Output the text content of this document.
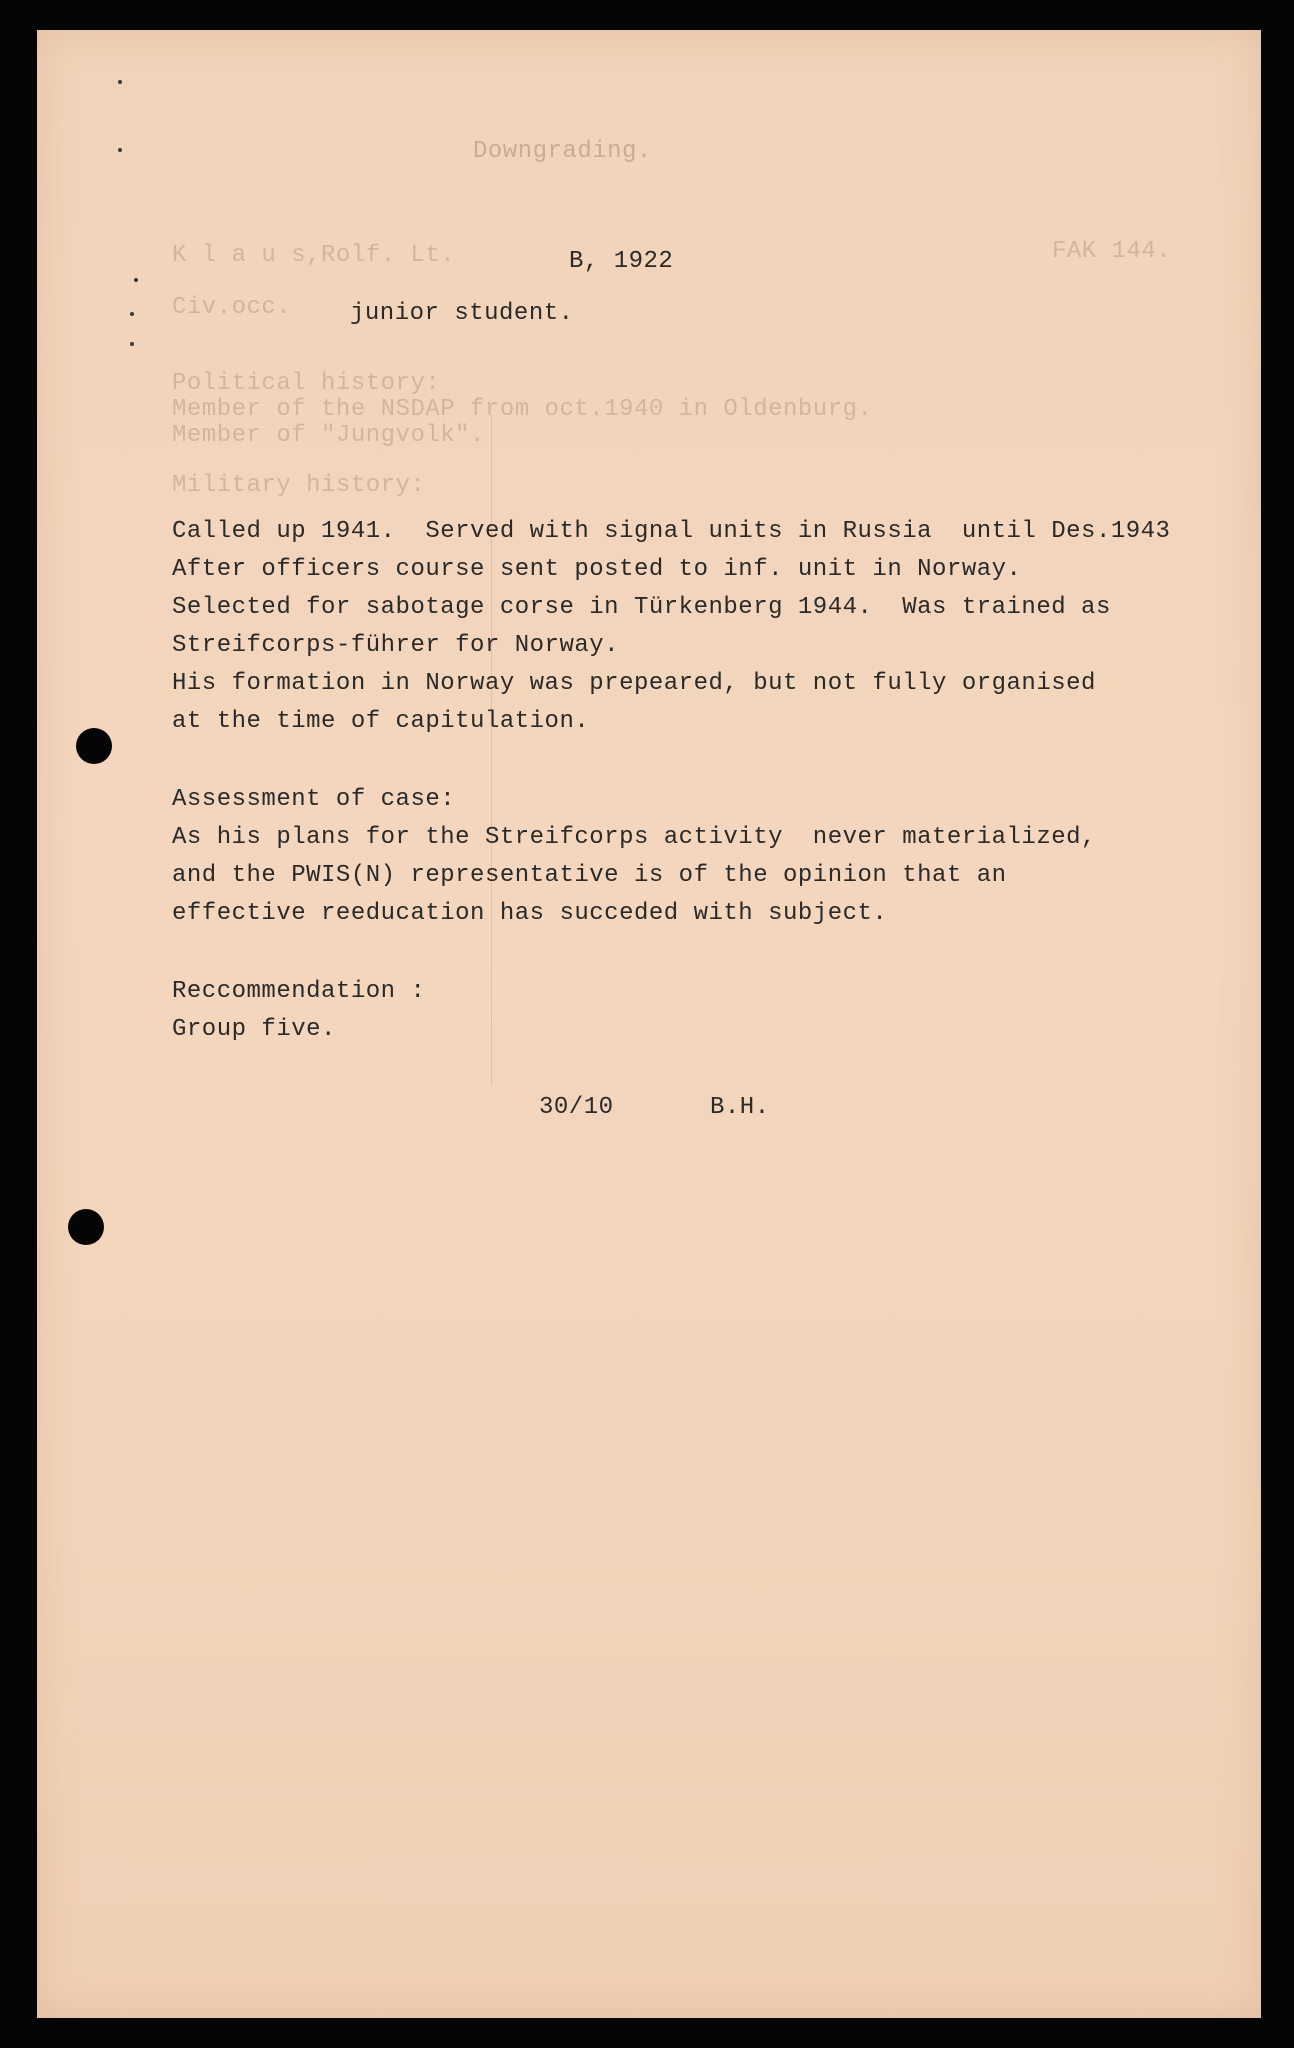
Downgrading.
K l a u s,Rolf. Lt.	B, 1922	FAK 144.
Civ.occ. junior student.
Political history:
Member of the NSDAP from oct.1940 in Oldenburg.
Member of "Jungvolk".
Military history:
Called up 1941.  Served with signal units in Russia  until Des.1943
After officers course sent posted to inf. unit in Norway.
Selected for sabotage corse in Türkenberg 1944.  Was trained as
Streifcorps-führer for Norway.
His formation in Norway was prepeared, but not fully organised
at the time of capitulation.
Assessment of case:
As his plans for the Streifcorps activity  never materialized,
and the PWIS(N) representative is of the opinion that an
effective reeducation has succeded with subject.
Reccommendation :
Group five.
30/10	B.H.
